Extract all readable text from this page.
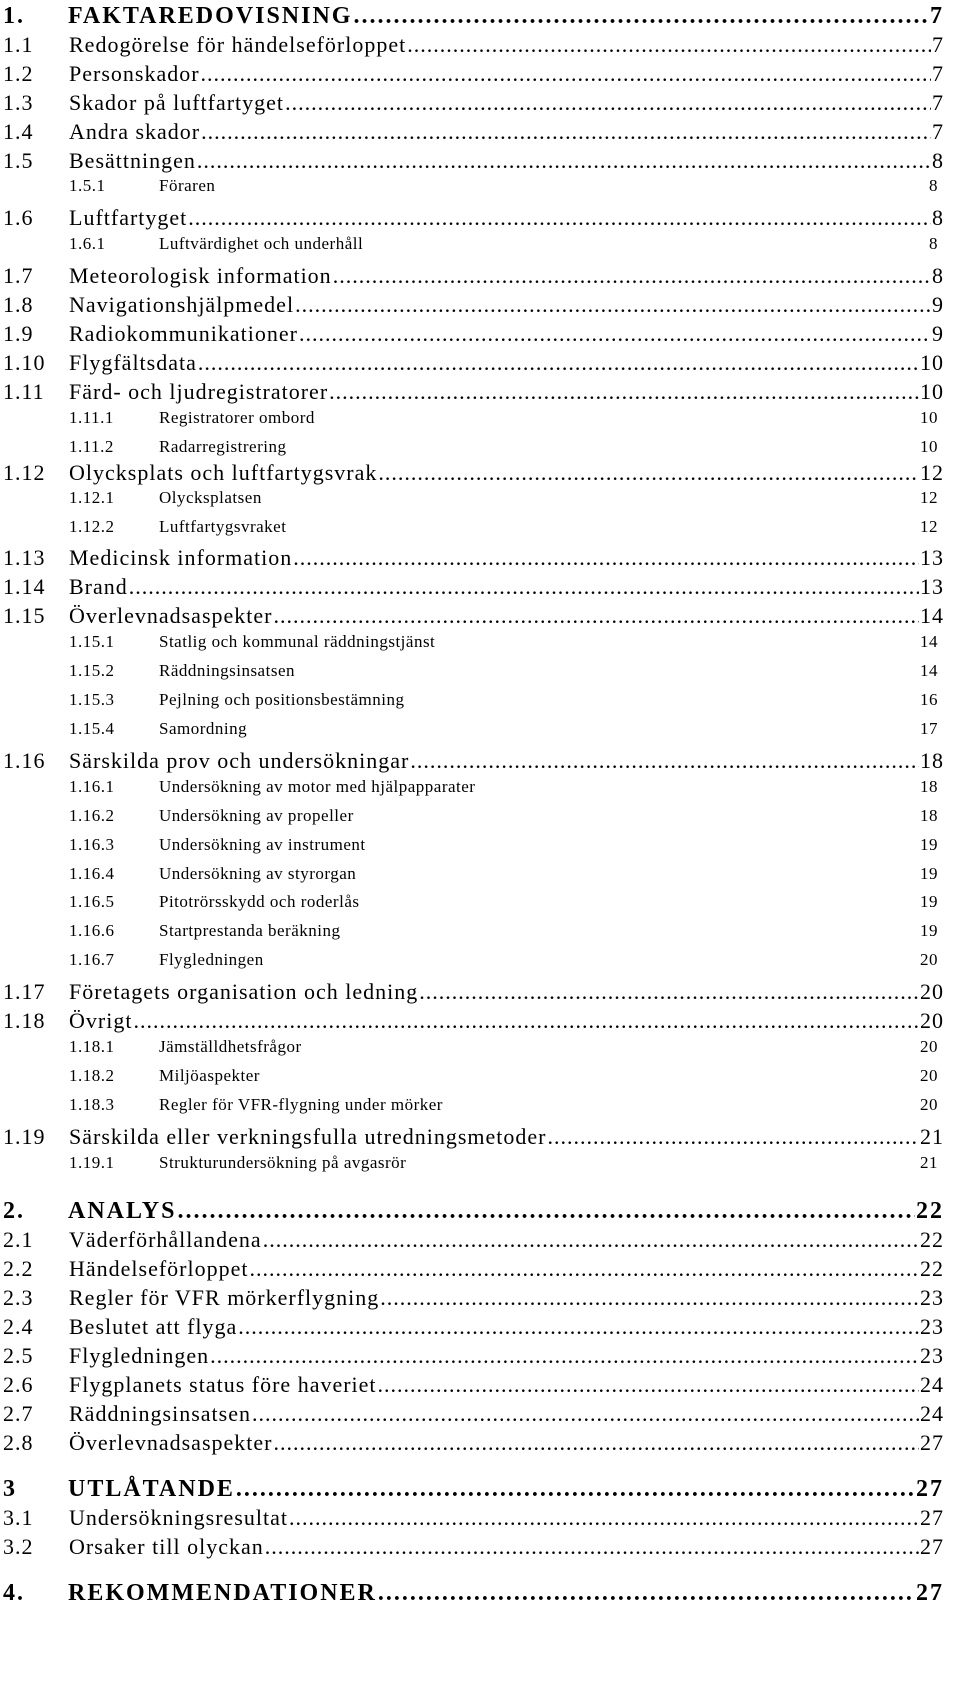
1. FAKTAREDOVISNING .....	7
1.1 Redogörelse för händelseförloppet .....	7
1.2 Personskador .....	7
1.3 Skador på luftfartyget .....	7
1.4 Andra skador .....	7
1.5 Besättningen .....	8
1.5.1	Föraren	8
1.6 Luftfartyget .....	8
1.6.1	Luftvärdighet och underhåll	8
1.7 Meteorologisk information .....	8
1.8 Navigationshjälpmedel .....	9
1.9 Radiokommunikationer .....	9
1.10 Flygfältsdata .....	10
1.11 Färd- och ljudregistratorer .....	10
1.11.1	Registratorer ombord	10
1.11.2	Radarregistrering	10
1.12 Olycksplats och luftfartygsvrak .....	12
1.12.1	Olycksplatsen	12
1.12.2	Luftfartygsvraket	12
1.13 Medicinsk information .....	13
1.14 Brand .....	13
1.15 Överlevnadsaspekter .....	14
1.15.1	Statlig och kommunal räddningstjänst	14
1.15.2	Räddningsinsatsen	14
1.15.3	Pejlning och positionsbestämning	16
1.15.4	Samordning	17
1.16 Särskilda prov och undersökningar .....	18
1.16.1	Undersökning av motor med hjälpapparater	18
1.16.2	Undersökning av propeller	18
1.16.3	Undersökning av instrument	19
1.16.4	Undersökning av styrorgan	19
1.16.5	Pitotrörsskydd och roderlås	19
1.16.6	Startprestanda beräkning	19
1.16.7	Flygledningen	20
1.17 Företagets organisation och ledning .....	20
1.18 Övrigt .....	20
1.18.1	Jämställdhetsfrågor	20
1.18.2	Miljöaspekter	20
1.18.3	Regler för VFR-flygning under mörker	20
1.19 Särskilda eller verkningsfulla utredningsmetoder .....	21
1.19.1	Strukturundersökning på avgasrör	21
2. ANALYS .....	22
2.1 Väderförhållandena .....	22
2.2 Händelseförloppet .....	22
2.3 Regler för VFR mörkerflygning .....	23
2.4 Beslutet att flyga .....	23
2.5 Flygledningen .....	23
2.6 Flygplanets status före haveriet .....	24
2.7 Räddningsinsatsen .....	24
2.8 Överlevnadsaspekter .....	27
3 UTLÅTANDE .....	27
3.1 Undersökningsresultat .....	27
3.2 Orsaker till olyckan .....	27
4. REKOMMENDATIONER .....	27
